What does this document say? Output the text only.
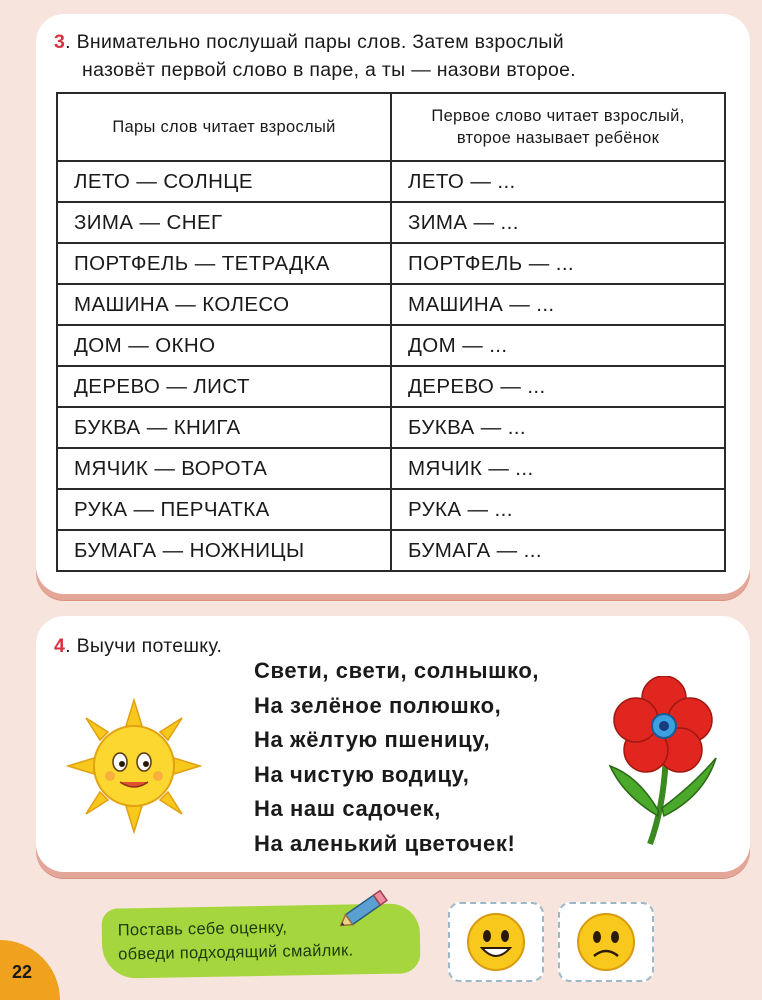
3. Внимательно послушай пары слов. Затем взрослый
назовёт первой слово в паре, а ты — назови второе.
Пары слов читает взрослый	Первое слово читает взрослый,
второе называет ребёнок
ЛЕТО — СОЛНЦЕ	ЛЕТО — ...
ЗИМА — СНЕГ	ЗИМА — ...
ПОРТФЕЛЬ — ТЕТРАДКА	ПОРТФЕЛЬ — ...
МАШИНА — КОЛЕСО	МАШИНА — ...
ДОМ — ОКНО	ДОМ — ...
ДЕРЕВО — ЛИСТ	ДЕРЕВО — ...
БУКВА — КНИГА	БУКВА — ...
МЯЧИК — ВОРОТА	МЯЧИК — ...
РУКА — ПЕРЧАТКА	РУКА — ...
БУМАГА — НОЖНИЦЫ	БУМАГА — ...
4. Выучи потешку.
Свети, свети, солнышко,
На зелёное полюшко,
На жёлтую пшеницу,
На чистую водицу,
На наш садочек,
На аленький цветочек!
22
Поставь себе оценку,
обведи подходящий смайлик.
